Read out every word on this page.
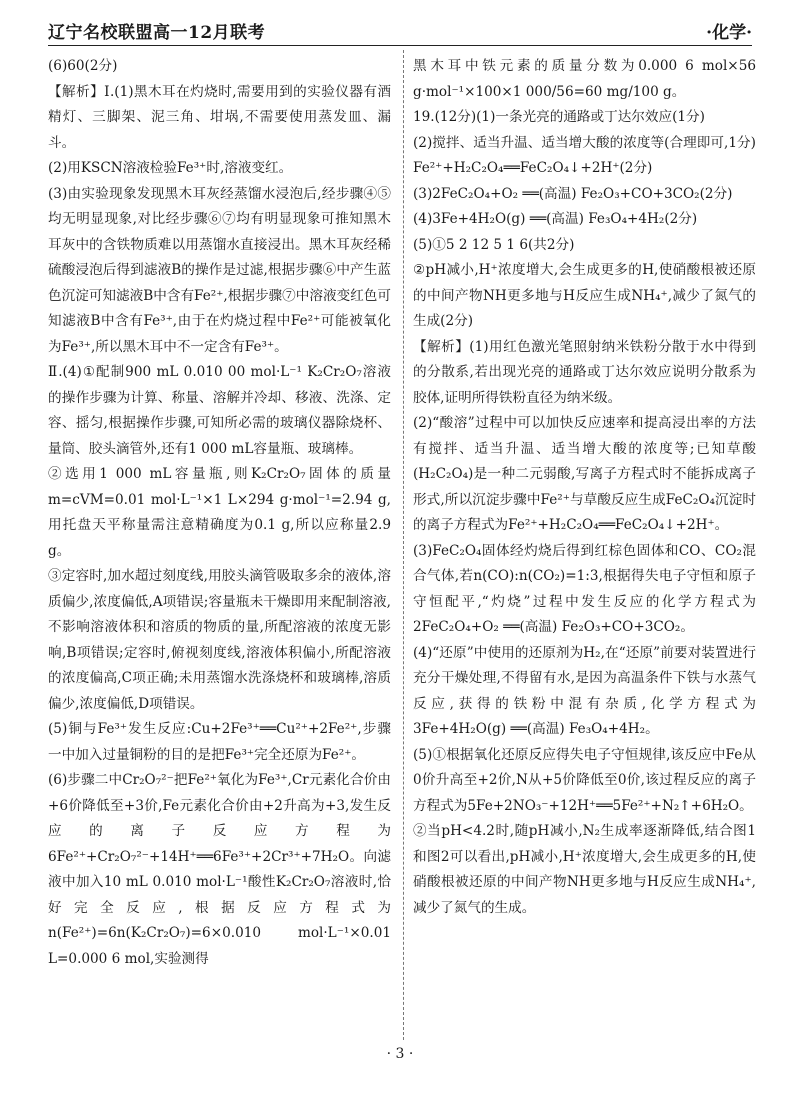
辽宁名校联盟高一12月联考	·化学·

(6)60(2分)

【解析】Ⅰ.(1)黑木耳在灼烧时,需要用到的实验仪器有酒精灯、三脚架、泥三角、坩埚,不需要使用蒸发皿、漏斗。

(2)用KSCN溶液检验Fe³⁺时,溶液变红。

(3)由实验现象发现黑木耳灰经蒸馏水浸泡后,经步骤④⑤均无明显现象,对比经步骤⑥⑦均有明显现象可推知黑木耳灰中的含铁物质难以用蒸馏水直接浸出。黑木耳灰经稀硫酸浸泡后得到滤液B的操作是过滤,根据步骤⑥中产生蓝色沉淀可知滤液B中含有Fe²⁺,根据步骤⑦中溶液变红色可知滤液B中含有Fe³⁺,由于在灼烧过程中Fe²⁺可能被氧化为Fe³⁺,所以黑木耳中不一定含有Fe³⁺。

Ⅱ.(4)①配制900 mL 0.010 00 mol·L⁻¹ K₂Cr₂O₇溶液的操作步骤为计算、称量、溶解并冷却、移液、洗涤、定容、摇匀,根据操作步骤,可知所必需的玻璃仪器除烧杯、量筒、胶头滴管外,还有1 000 mL容量瓶、玻璃棒。

②选用1 000 mL容量瓶,则K₂Cr₂O₇固体的质量m=cVM=0.01 mol·L⁻¹×1 L×294 g·mol⁻¹=2.94 g,用托盘天平称量需注意精确度为0.1 g,所以应称量2.9 g。

③定容时,加水超过刻度线,用胶头滴管吸取多余的液体,溶质偏少,浓度偏低,A项错误;容量瓶未干燥即用来配制溶液,不影响溶液体积和溶质的物质的量,所配溶液的浓度无影响,B项错误;定容时,俯视刻度线,溶液体积偏小,所配溶液的浓度偏高,C项正确;未用蒸馏水洗涤烧杯和玻璃棒,溶质偏少,浓度偏低,D项错误。

(5)铜与Fe³⁺发生反应:Cu+2Fe³⁺══Cu²⁺+2Fe²⁺,步骤一中加入过量铜粉的目的是把Fe³⁺完全还原为Fe²⁺。

(6)步骤二中Cr₂O₇²⁻把Fe²⁺氧化为Fe³⁺,Cr元素化合价由+6价降低至+3价,Fe元素化合价由+2升高为+3,发生反应的离子反应方程为6Fe²⁺+Cr₂O₇²⁻+14H⁺══6Fe³⁺+2Cr³⁺+7H₂O。向滤液中加入10 mL 0.010 mol·L⁻¹酸性K₂Cr₂O₇溶液时,恰好完全反应,根据反应方程式为n(Fe²⁺)=6n(K₂Cr₂O₇)=6×0.010 mol·L⁻¹×0.01 L=0.000 6 mol,实验测得

黑木耳中铁元素的质量分数为0.000 6 mol×56 g·mol⁻¹×100×1 000/56=60 mg/100 g。

19.(12分)(1)一条光亮的通路或丁达尔效应(1分)

(2)搅拌、适当升温、适当增大酸的浓度等(合理即可,1分) Fe²⁺+H₂C₂O₄══FeC₂O₄↓+2H⁺(2分)

(3)2FeC₂O₄+O₂ ══(高温) Fe₂O₃+CO+3CO₂(2分)

(4)3Fe+4H₂O(g) ══(高温) Fe₃O₄+4H₂(2分)

(5)①5 2 12 5 1 6(共2分)

②pH减小,H⁺浓度增大,会生成更多的H,使硝酸根被还原的中间产物NH更多地与H反应生成NH₄⁺,减少了氮气的生成(2分)

【解析】(1)用红色激光笔照射纳米铁粉分散于水中得到的分散系,若出现光亮的通路或丁达尔效应说明分散系为胶体,证明所得铁粉直径为纳米级。

(2)“酸溶”过程中可以加快反应速率和提高浸出率的方法有搅拌、适当升温、适当增大酸的浓度等;已知草酸(H₂C₂O₄)是一种二元弱酸,写离子方程式时不能拆成离子形式,所以沉淀步骤中Fe²⁺与草酸反应生成FeC₂O₄沉淀时的离子方程式为Fe²⁺+H₂C₂O₄══FeC₂O₄↓+2H⁺。

(3)FeC₂O₄固体经灼烧后得到红棕色固体和CO、CO₂混合气体,若n(CO):n(CO₂)=1:3,根据得失电子守恒和原子守恒配平,“灼烧”过程中发生反应的化学方程式为2FeC₂O₄+O₂ ══(高温) Fe₂O₃+CO+3CO₂。

(4)“还原”中使用的还原剂为H₂,在“还原”前要对装置进行充分干燥处理,不得留有水,是因为高温条件下铁与水蒸气反应,获得的铁粉中混有杂质,化学方程式为3Fe+4H₂O(g) ══(高温) Fe₃O₄+4H₂。

(5)①根据氧化还原反应得失电子守恒规律,该反应中Fe从0价升高至+2价,N从+5价降低至0价,该过程反应的离子方程式为5Fe+2NO₃⁻+12H⁺══5Fe²⁺+N₂↑+6H₂O。

②当pH<4.2时,随pH减小,N₂生成率逐渐降低,结合图1和图2可以看出,pH减小,H⁺浓度增大,会生成更多的H,使硝酸根被还原的中间产物NH更多地与H反应生成NH₄⁺,减少了氮气的生成。

· 3 ·
